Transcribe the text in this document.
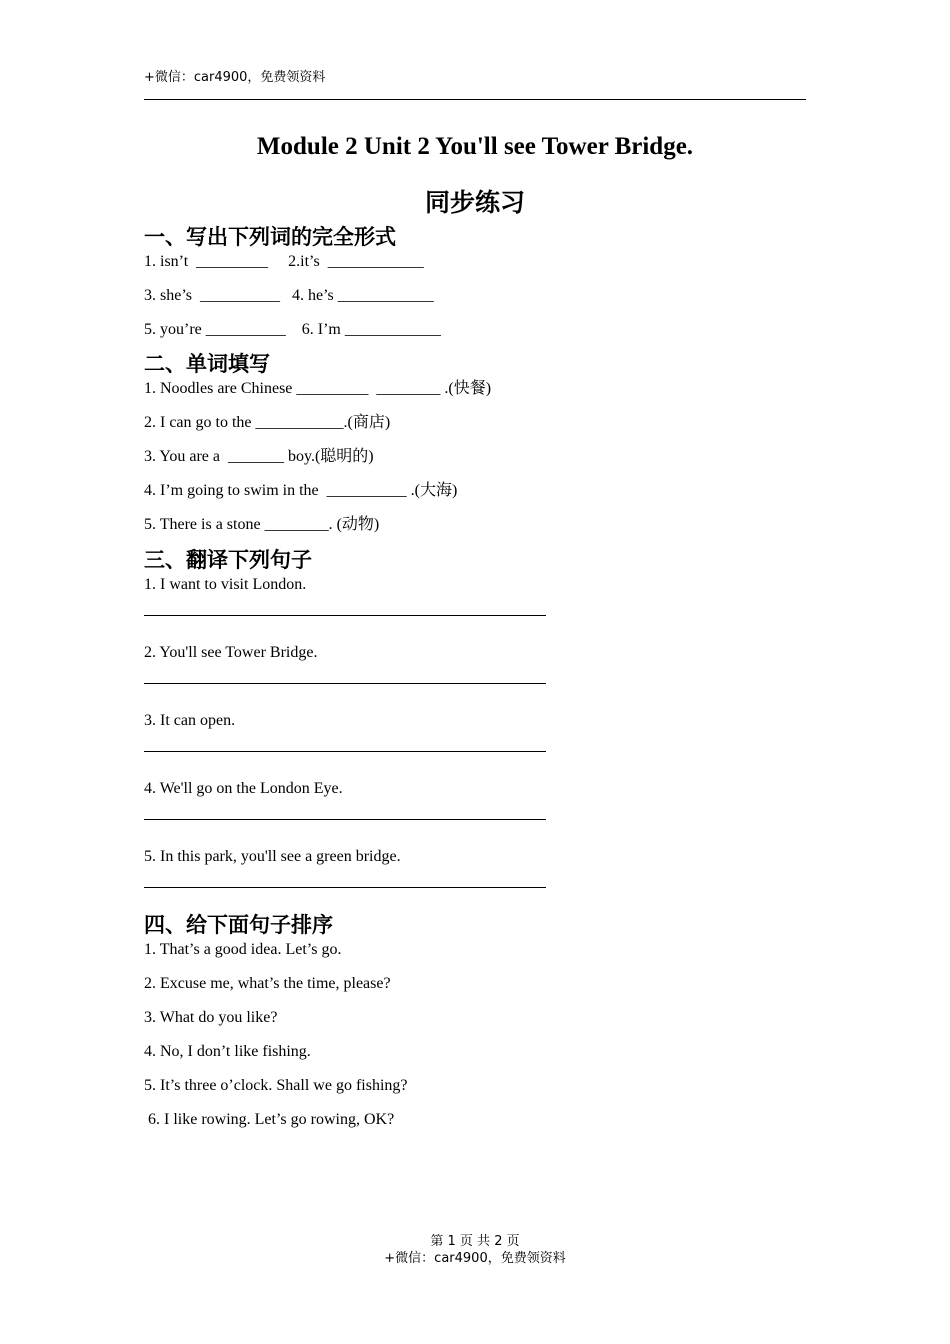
+微信：car4900，免费领资料
Module 2 Unit 2 You'll see Tower Bridge.
同步练习
一、写出下列词的完全形式
1. isn’t  _________     2.it’s  ____________
3. she’s  __________   4. he’s ____________
5. you’re __________    6. I’m ____________
二、单词填写
1. Noodles are Chinese _________  ________ .(快餐)
2. I can go to the ___________.(商店)
3. You are a  _______ boy.(聪明的)
4. I’m going to swim in the  __________ .(大海)
5. There is a stone ________. (动物)
三、翻译下列句子
1. I want to visit London.
2. You'll see Tower Bridge.
3. It can open.
4. We'll go on the London Eye.
5. In this park, you'll see a green bridge.
四、给下面句子排序
1. That’s a good idea. Let’s go.
2. Excuse me, what’s the time, please?
3. What do you like?
4. No, I don’t like fishing.
5. It’s three o’clock. Shall we go fishing?
6. I like rowing. Let’s go rowing, OK?
第 1 页 共 2 页
+微信：car4900，免费领资料
